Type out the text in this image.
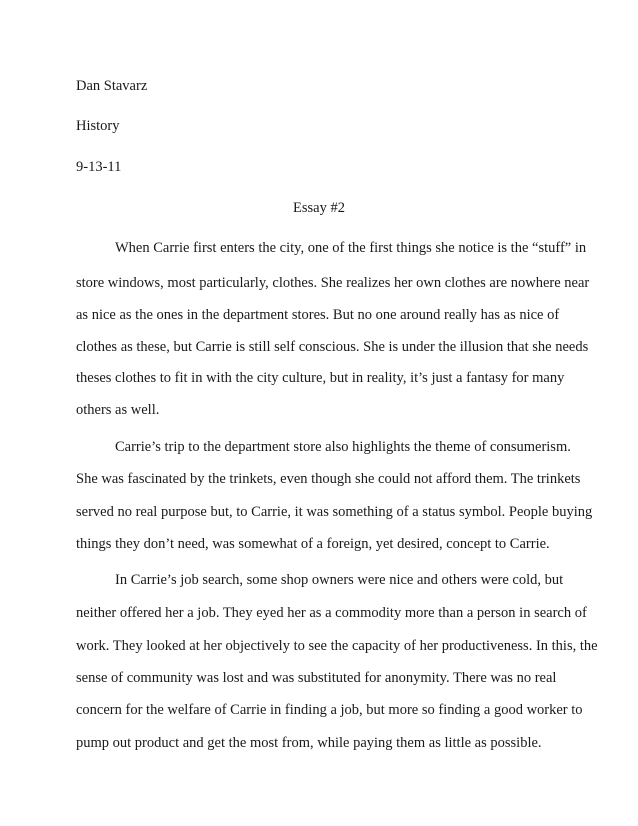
Dan Stavarz
History
9-13-11
Essay #2
When Carrie first enters the city, one of the first things she notice is the “stuff” in
store windows, most particularly, clothes. She realizes her own clothes are nowhere near
as nice as the ones in the department stores. But no one around really has as nice of
clothes as these, but Carrie is still self conscious. She is under the illusion that she needs
theses clothes to fit in with the city culture, but in reality, it’s just a fantasy for many
others as well.
Carrie’s trip to the department store also highlights the theme of consumerism.
She was fascinated by the trinkets, even though she could not afford them. The trinkets
served no real purpose but, to Carrie, it was something of a status symbol. People buying
things they don’t need, was somewhat of a foreign, yet desired, concept to Carrie.
In Carrie’s job search, some shop owners were nice and others were cold, but
neither offered her a job. They eyed her as a commodity more than a person in search of
work. They looked at her objectively to see the capacity of her productiveness. In this, the
sense of community was lost and was substituted for anonymity. There was no real
concern for the welfare of Carrie in finding a job, but more so finding a good worker to
pump out product and get the most from, while paying them as little as possible.
